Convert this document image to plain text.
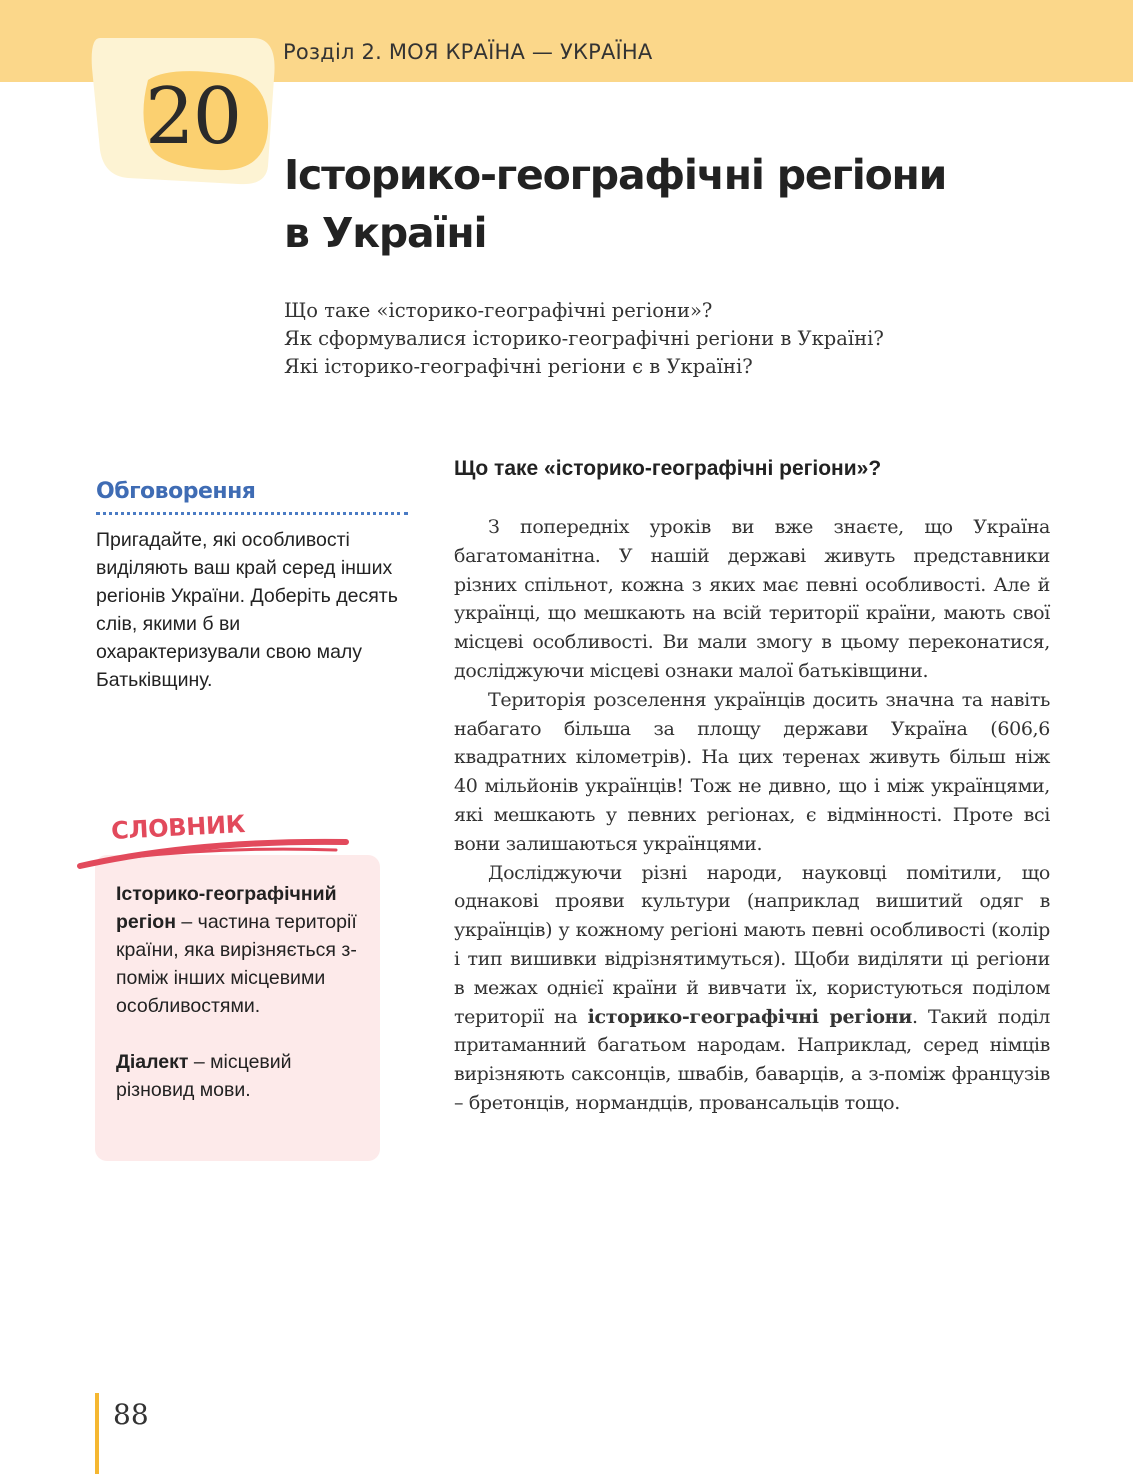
Розділ 2. МОЯ КРАЇНА — УКРАЇНА
20
Історико-географічні регіони
в Україні
Що таке «історико-географічні регіони»?
Як сформувалися історико-географічні регіони в Україні?
Які історико-географічні регіони є в Україні?
Обговорення
Пригадайте, які особливості виділяють ваш край серед інших регіонів України. Доберіть десять слів, якими б ви охарактеризували свою малу Батьківщину.
СЛОВНИК

Історико-географічний регіон – частина території країни, яка вирізняється з-поміж інших місцевими особливостями.

Діалект – місцевий різновид мови.

Що таке «історико-географічні регіони»?

З попередніх уроків ви вже знаєте, що Україна багатоманітна. У нашій державі живуть представники різних спільнот, кожна з яких має певні особливості. Але й українці, що мешкають на всій території країни, мають свої місцеві особливості. Ви мали змогу в цьому переконатися, досліджуючи місцеві ознаки малої батьківщини.

Територія розселення українців досить значна та навіть набагато більша за площу держави Україна (606,6 квадратних кілометрів). На цих теренах живуть більш ніж 40 мільйонів українців! Тож не дивно, що і між українцями, які мешкають у певних регіонах, є відмінності. Проте всі вони залишаються українцями.

Досліджуючи різні народи, науковці помітили, що однакові прояви культури (наприклад вишитий одяг в українців) у кожному регіоні мають певні особливості (колір і тип вишивки відрізнятимуться). Щоби виділяти ці регіони в межах однієї країни й вивчати їх, користуються поділом території на історико-географічні регіони. Такий поділ притаманний багатьом народам. Наприклад, серед німців вирізняють саксонців, швабів, баварців, а з-поміж французів – бретонців, нормандців, провансальців тощо.

88
